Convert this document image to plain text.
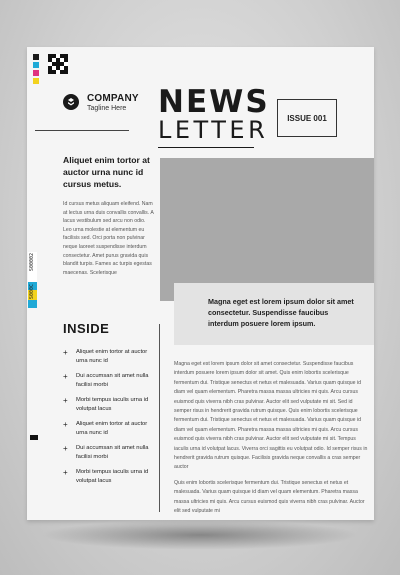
COMPANY
Tagline Here NEWS
LETTER ISSUE 001
Aliquet enim tortor at auctor urna nunc id cursus metus.
Id cursus metus aliquam eleifend. Nam at lectus urna duis convallis convallis. A lacus vestibulum sed arcu non odio. Leo urna molestie at elementum eu facilisis sed. Orci porta non pulvinar neque laoreet suspendisse interdum consectetur. Amet purus gravida quis blandit turpis. Fames ac turpis egestas maecenas. Scelerisque
Magna eget est lorem ipsum dolor sit amet consectetur. Suspendisse faucibus interdum posuere lorem ipsum.
INSIDE
+ Aliquet enim tortor at auctor urna nunc id
+ Dui accumsan sit amet nulla facilisi morbi
+ Morbi tempus iaculis urna id volutpat lacus
+ Aliquet enim tortor at auctor urna nunc id
+ Dui accumsan sit amet nulla facilisi morbi
+ Morbi tempus iaculis urna id volutpat lacus

Magna eget est lorem ipsum dolor sit amet consectetur. Suspendisse faucibus interdum posuere lorem ipsum dolor sit amet. Quis enim lobortis scelerisque fermentum dui. Tristique senectus et netus et malesuada. Varius quam quisque id diam vel quam elementum. Pharetra massa massa ultricies mi quis. Arcu cursus euismod quis viverra nibh cras pulvinar. Auctor elit sed vulputate mi sit. Sed id semper risus in hendrerit gravida rutrum quisque. Quis enim lobortis scelerisque fermentum dui. Tristique senectus et netus et malesuada. Varius quam quisque id diam vel quam elementum. Pharetra massa massa ultricies mi quis. Arcu cursus euismod quis viverra nibh cras pulvinar. Auctor elit sed vulputate mi sit. Tempus iaculis urna id volutpat lacus. Viverra orci sagittis eu volutpat odio. Id semper risus in hendrerit gravida rutrum quisque. Facilisis gravida neque convallis a cras semper auctor

Quis enim lobortis scelerisque fermentum dui. Tristique senectus et netus et malesuada. Varius quam quisque id diam vel quam elementum. Pharetra massa massa ultricies mi quis. Arcu cursus euismod quis viverra nibh cras pulvinar. Auctor elit sed vulputate mi

S00002
S000C
